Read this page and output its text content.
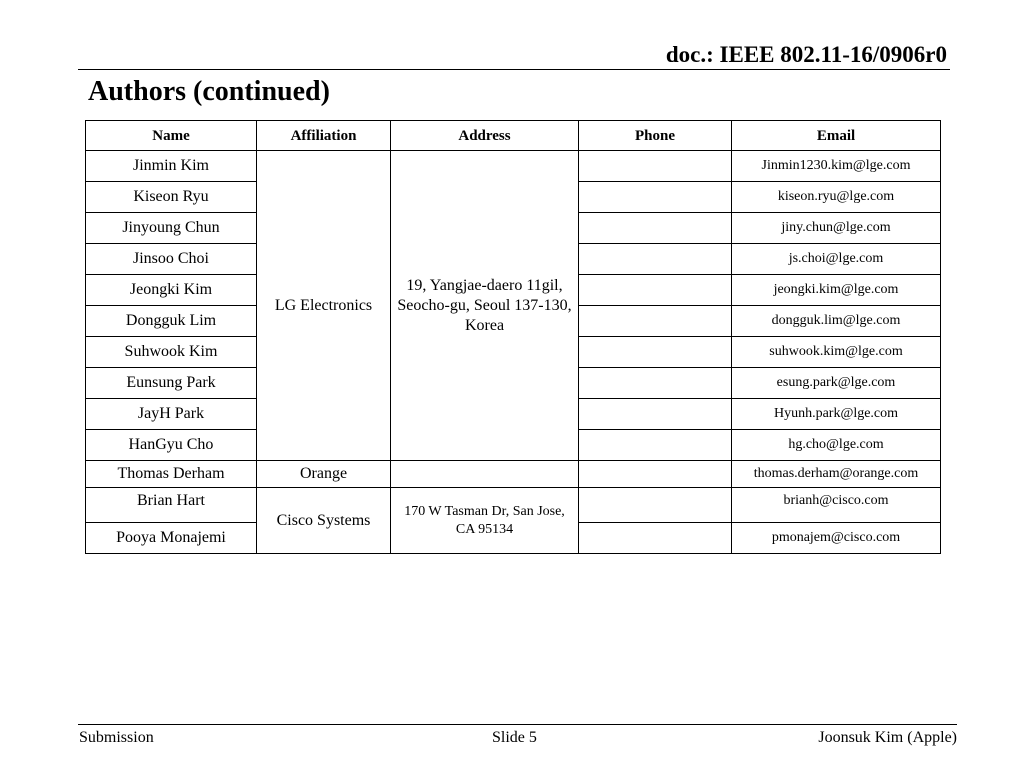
doc.: IEEE 802.11-16/0906r0
Authors (continued)
Name	Affiliation	Address	Phone	Email
Jinmin Kim	LG Electronics	19, Yangjae-daero 11gil, Seocho-gu, Seoul 137-130, Korea		Jinmin1230.kim@lge.com
Kiseon Ryu				kiseon.ryu@lge.com
Jinyoung Chun				jiny.chun@lge.com
Jinsoo Choi				js.choi@lge.com
Jeongki Kim				jeongki.kim@lge.com
Dongguk Lim				dongguk.lim@lge.com
Suhwook Kim				suhwook.kim@lge.com
Eunsung Park				esung.park@lge.com
JayH Park				Hyunh.park@lge.com
HanGyu Cho				hg.cho@lge.com
Thomas Derham	Orange			thomas.derham@orange.com
Brian Hart	Cisco Systems	170 W Tasman Dr, San Jose, CA 95134		brianh@cisco.com
Pooya Monajemi				pmonajem@cisco.com
Submission	Slide 5	Joonsuk Kim (Apple)
